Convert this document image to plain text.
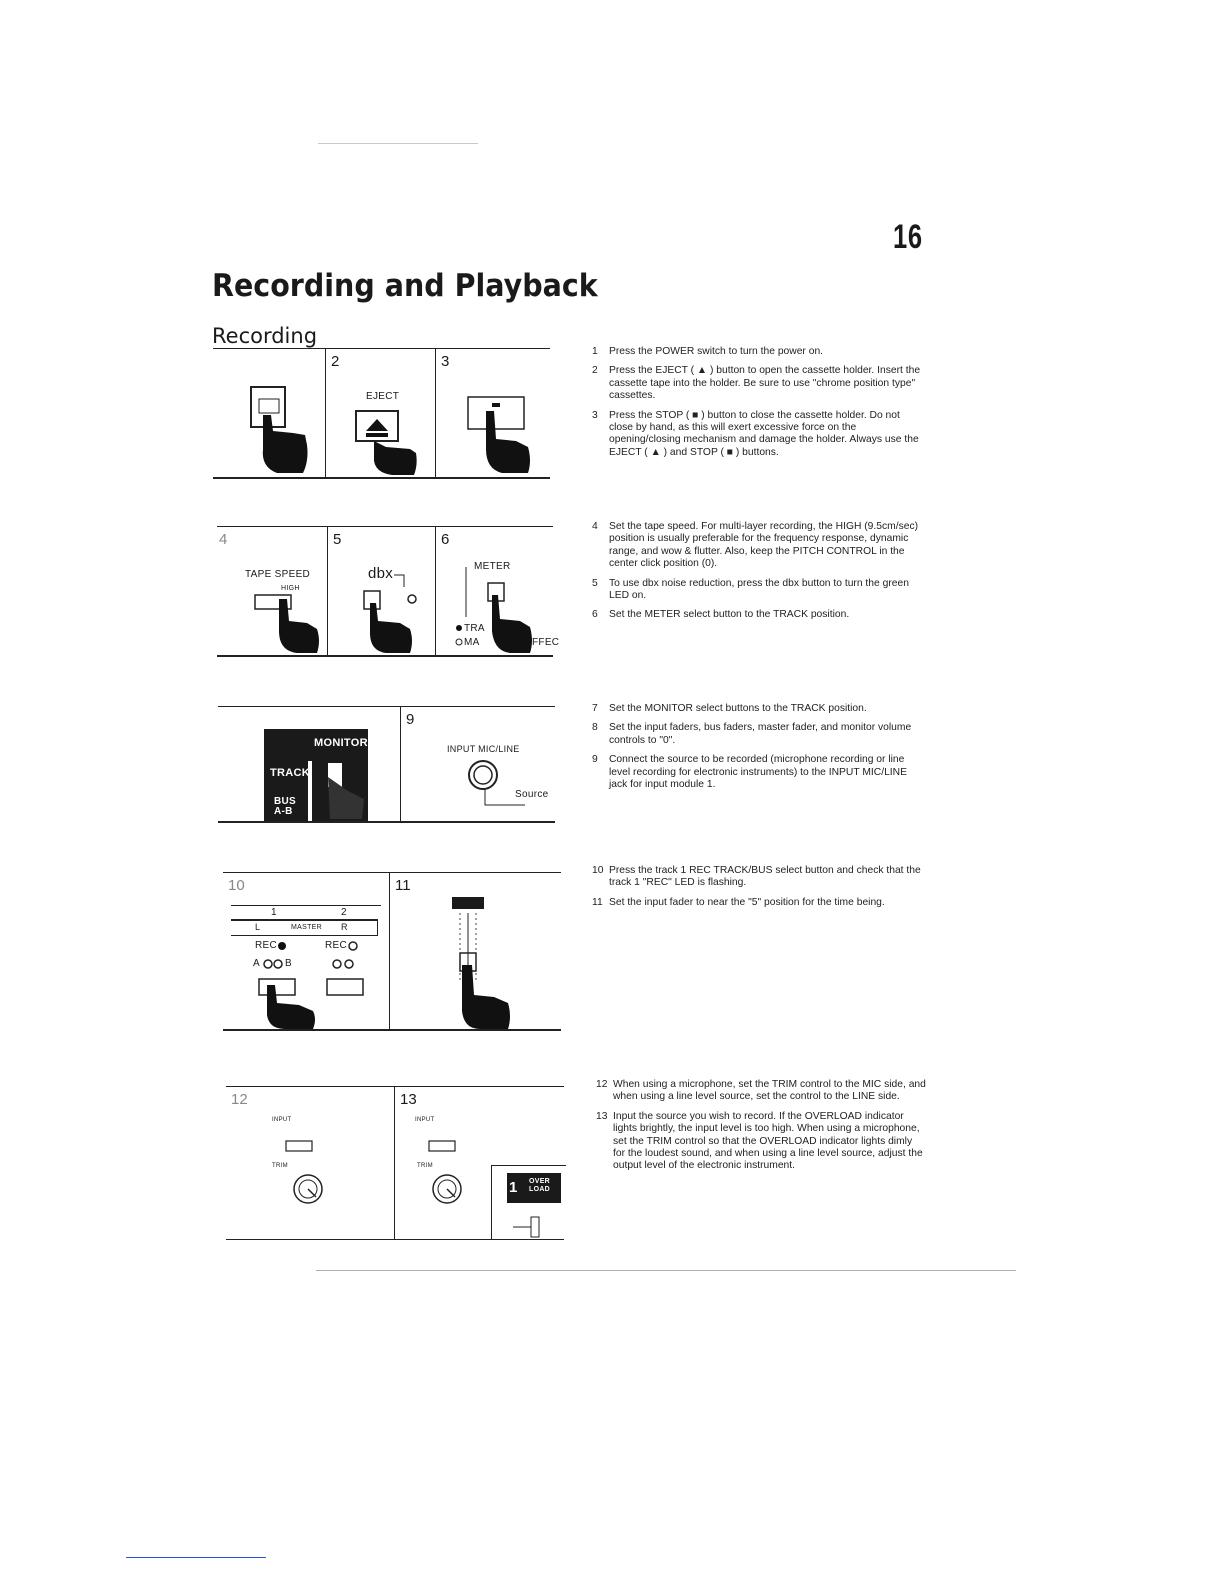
16
Recording and Playback
Recording
2
EJECT
3
4
TAPE SPEED
HIGH
5
dbx
6
METER
TRA
MA	FFEC
MONITOR
TRACK
BUS A-B
9
INPUT MIC/LINE
Source
10
1	2
L	MASTER R
REC	REC
A	B
11
12
INPUT
TRIM
13
INPUT
TRIM
1 OVER LOAD
1 Press the POWER switch to turn the power on.
2 Press the EJECT ( ▲ ) button to open the cassette holder. Insert the cassette tape into the holder. Be sure to use "chrome position type" cassettes.
3 Press the STOP ( ■ ) button to close the cassette holder. Do not close by hand, as this will exert excessive force on the opening/closing mechanism and damage the holder. Always use the EJECT ( ▲ ) and STOP ( ■ ) buttons.
4 Set the tape speed. For multi-layer recording, the HIGH (9.5cm/sec) position is usually preferable for the frequency response, dynamic range, and wow & flutter. Also, keep the PITCH CONTROL in the center click position (0).
5 To use dbx noise reduction, press the dbx button to turn the green LED on.
6 Set the METER select button to the TRACK position.
7 Set the MONITOR select buttons to the TRACK position.
8 Set the input faders, bus faders, master fader, and monitor volume controls to "0".
9 Connect the source to be recorded (microphone recording or line level recording for electronic instruments) to the INPUT MIC/LINE jack for input module 1.
10 Press the track 1 REC TRACK/BUS select button and check that the track 1 "REC" LED is flashing.
11 Set the input fader to near the "5" position for the time being.
12 When using a microphone, set the TRIM control to the MIC side, and when using a line level source, set the control to the LINE side.
13 Input the source you wish to record. If the OVERLOAD indicator lights brightly, the input level is too high. When using a microphone, set the TRIM control so that the OVERLOAD indicator lights dimly for the loudest sound, and when using a line level source, adjust the output level of the electronic instrument.
